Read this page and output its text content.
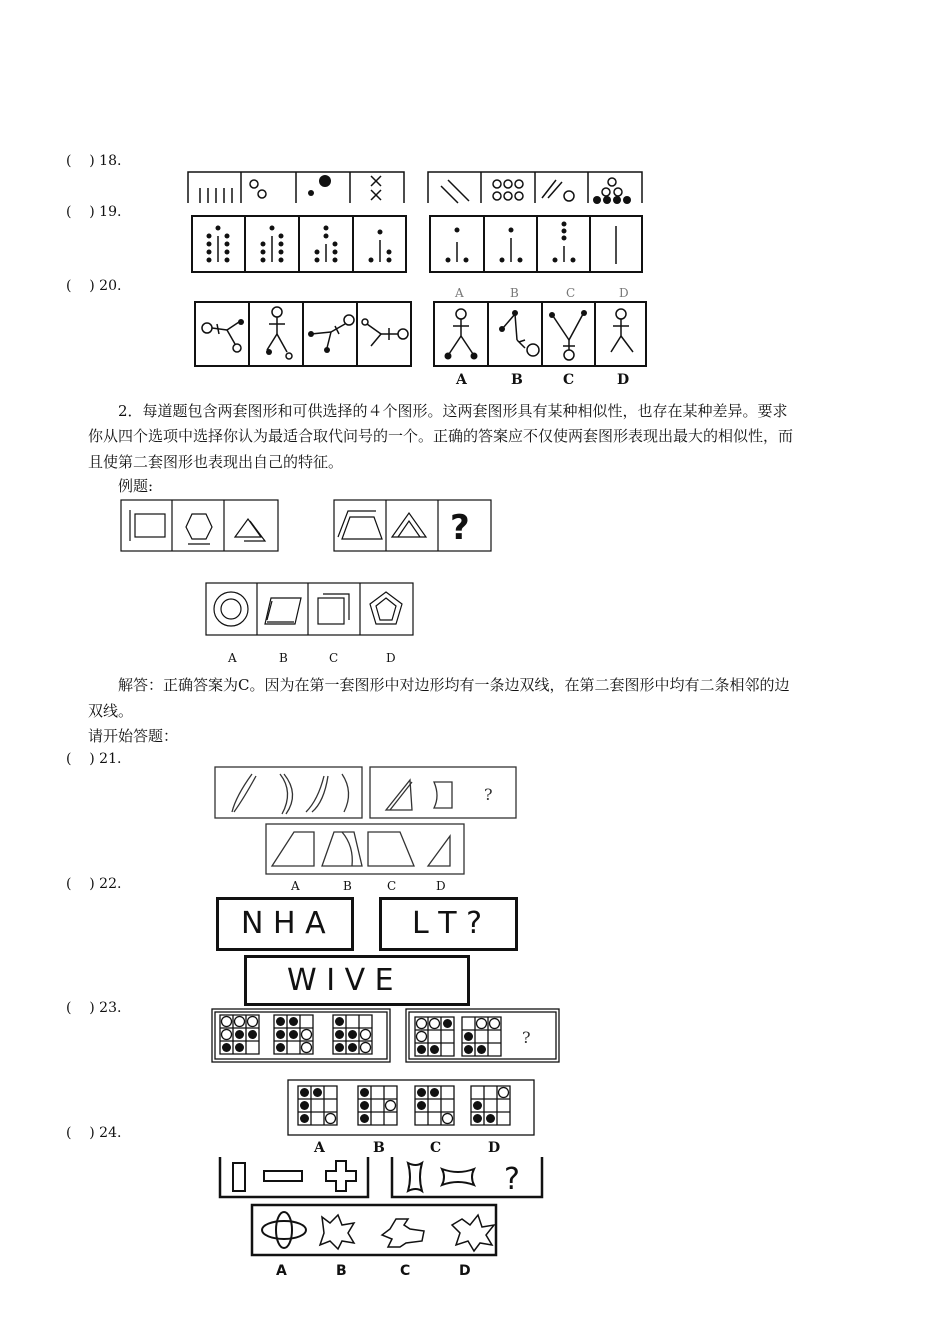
(    ) 18.
(    ) 19.
(    ) 20.
(    ) 21.
(    ) 22.
(    ) 23.
(    ) 24.
A	B	C	D
A	B	C	D
2．每道题包含两套图形和可供选择的４个图形。这两套图形具有某种相似性，也存在某种差异。要求
你从四个选项中选择你认为最适合取代问号的一个。正确的答案应不仅使两套图形表现出最大的相似性，而
且使第二套图形也表现出自己的特征。
例题:
?
A	B	C	D
解答：正确答案为C。因为在第一套图形中对边形均有一条边双线，在第二套图形中均有二条相邻的边
双线。
请开始答题：
?
A	B	C	D
N H A	L T ?
W I V E
?
A	B	C	D
?
A	B	C	D
